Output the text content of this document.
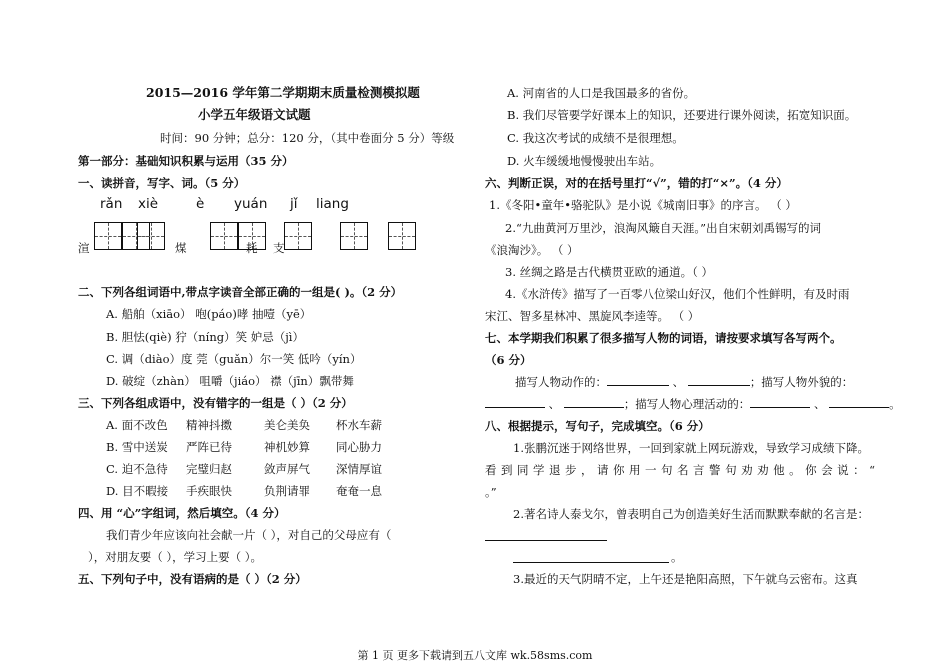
2015—2016 学年第二学期期末质量检测模拟题
小学五年级语文试题
时间：90 分钟；总分：120 分，（其中卷面分 5 分）等级
第一部分：基础知识积累与运用（35 分）
一、读拼音，写字、词。（5 分）
rǎn xiè	è yuán jǐ liang
渲	煤	耗 支
二、下列各组词语中,带点字读音全部正确的一组是( )。（2 分）
A. 船舶（xiāo） 咆(páo)哮 抽噎（yē）
B. 胆怯(qiè) 狞（níng）笑 妒忌（jì）
C. 调（diào）度 莞（guǎn）尔一笑 低吟（yín）
D. 破绽（zhàn） 咀嚼（jiáo） 襟（jīn）飘带舞
三、下列各组成语中，没有错字的一组是（ ）（2 分）
A. 面不改色 精神抖擞	美仑美奂 杯水车薪
B. 雪中送炭 严阵已待	神机妙算 同心胁力
C. 迫不急待 完璧归赵	敛声屏气 深情厚谊
D. 目不暇接 手疾眼快	负荆请罪 奄奄一息
四、用 “心”字组词，然后填空。（4 分）
我们青少年应该向社会献一片（ ），对自己的父母应有（
），对朋友要（ ），学习上要（ ）。
五、下列句子中，没有语病的是（ ）（2 分）
A. 河南省的人口是我国最多的省份。
B. 我们尽管要学好课本上的知识，还要进行课外阅读，拓宽知识面。
C. 我这次考试的成绩不是很理想。
D. 火车缓缓地慢慢驶出车站。
六、判断正误，对的在括号里打“√”，错的打“×”。（4 分）
1.《冬阳•童年•骆驼队》是小说《城南旧事》的序言。 （ ）
2.“九曲黄河万里沙，浪淘风簸自天涯。”出自宋朝刘禹锡写的词
《浪淘沙》。 （ ）
3. 丝绸之路是古代横贯亚欧的通道。（ ）
4.《水浒传》描写了一百零八位梁山好汉，他们个性鲜明，有及时雨
宋江、智多星林冲、黑旋风李逵等。 （ ）
七、本学期我们积累了很多描写人物的词语，请按要求填写各写两个。
（6 分）
描写人物动作的：	、	；描写人物外貌的：
、	；描写人物心理活动的：	、	。
八、根据提示，写句子，完成填空。（6 分）
1.张鹏沉迷于网络世界，一回到家就上网玩游戏，导致学习成绩下降。
看到同学退步，请你用一句名言警句劝劝他。你会说：“
。”
2.著名诗人泰戈尔，曾表明自己为创造美好生活而默默奉献的名言是：
。
3.最近的天气阴晴不定，上午还是艳阳高照，下午就乌云密布。这真
第 1 页 更多下载请到五八文库 wk.58sms.com
